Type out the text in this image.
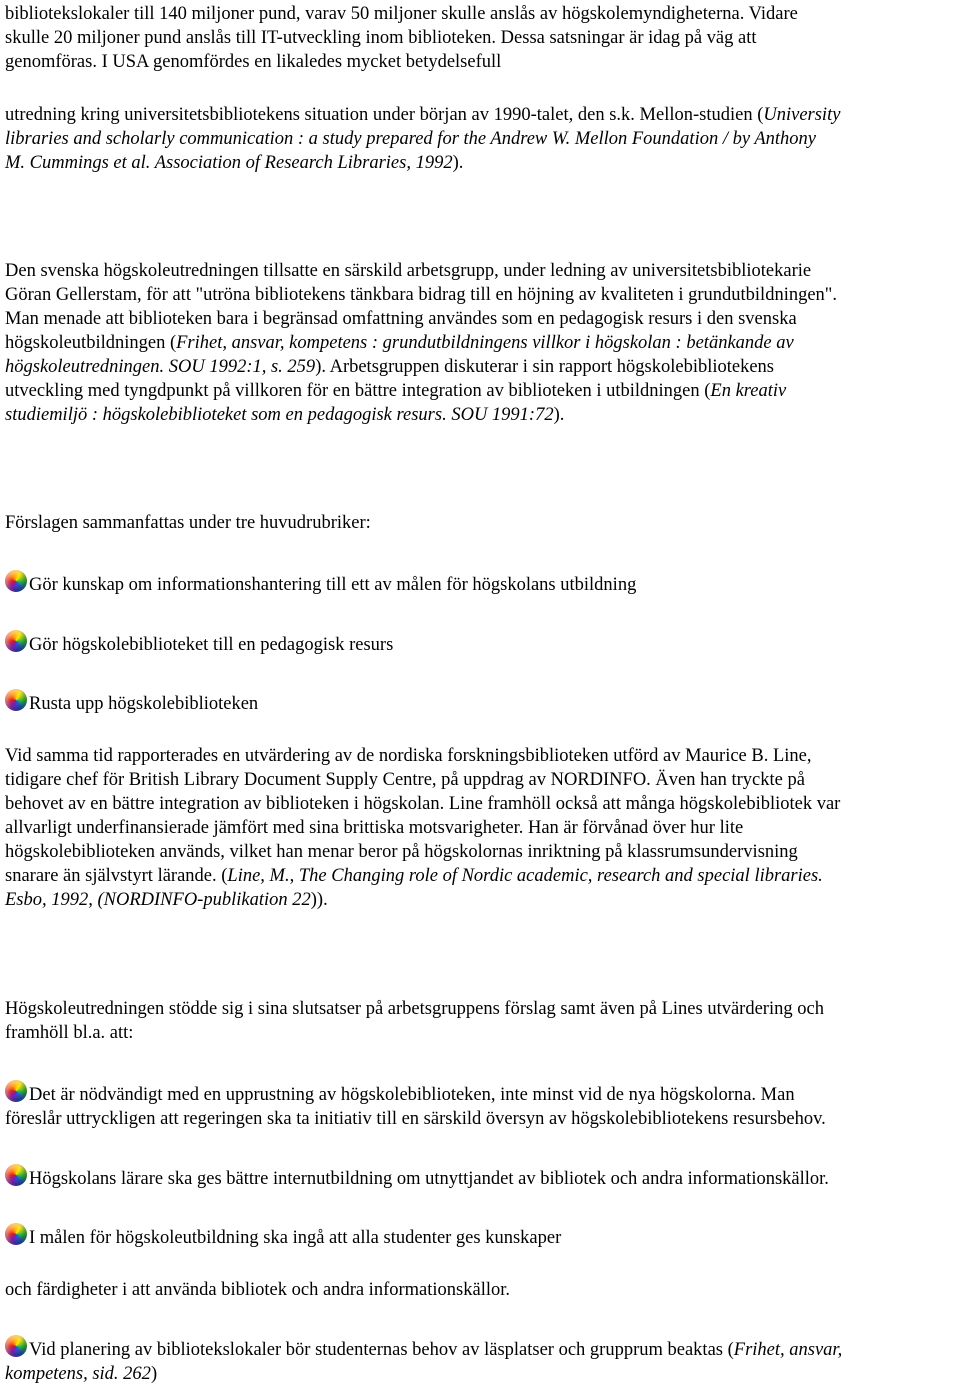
bibliotekslokaler till 140 miljoner pund, varav 50 miljoner skulle anslås av högskolemyndigheterna. Vidare
skulle 20 miljoner pund anslås till IT-utveckling inom biblioteken. Dessa satsningar är idag på väg att
genomföras. I USA genomfördes en likaledes mycket betydelsefull
utredning kring universitetsbibliotekens situation under början av 1990-talet, den s.k. Mellon-studien (University
libraries and scholarly communication : a study prepared for the Andrew W. Mellon Foundation / by Anthony
M. Cummings et al. Association of Research Libraries, 1992).
Den svenska högskoleutredningen tillsatte en särskild arbetsgrupp, under ledning av universitetsbibliotekarie
Göran Gellerstam, för att "utröna bibliotekens tänkbara bidrag till en höjning av kvaliteten i grundutbildningen".
Man menade att biblioteken bara i begränsad omfattning användes som en pedagogisk resurs i den svenska
högskoleutbildningen (Frihet, ansvar, kompetens : grundutbildningens villkor i högskolan : betänkande av
högskoleutredningen. SOU 1992:1, s. 259). Arbetsgruppen diskuterar i sin rapport högskolebibliotekens
utveckling med tyngdpunkt på villkoren för en bättre integration av biblioteken i utbildningen (En kreativ
studiemiljö : högskolebiblioteket som en pedagogisk resurs. SOU 1991:72).
Förslagen sammanfattas under tre huvudrubriker:
Gör kunskap om informationshantering till ett av målen för högskolans utbildning
Gör högskolebiblioteket till en pedagogisk resurs
Rusta upp högskolebiblioteken
Vid samma tid rapporterades en utvärdering av de nordiska forskningsbiblioteken utförd av Maurice B. Line,
tidigare chef för British Library Document Supply Centre, på uppdrag av NORDINFO. Även han tryckte på
behovet av en bättre integration av biblioteken i högskolan. Line framhöll också att många högskolebibliotek var
allvarligt underfinansierade jämfört med sina brittiska motsvarigheter. Han är förvånad över hur lite
högskolebiblioteken används, vilket han menar beror på högskolornas inriktning på klassrumsundervisning
snarare än självstyrt lärande. (Line, M., The Changing role of Nordic academic, research and special libraries.
Esbo, 1992, (NORDINFO-publikation 22)).
Högskoleutredningen stödde sig i sina slutsatser på arbetsgruppens förslag samt även på Lines utvärdering och
framhöll bl.a. att:
Det är nödvändigt med en upprustning av högskolebiblioteken, inte minst vid de nya högskolorna. Man
föreslår uttryckligen att regeringen ska ta initiativ till en särskild översyn av högskolebibliotekens resursbehov.
Högskolans lärare ska ges bättre internutbildning om utnyttjandet av bibliotek och andra informationskällor.
I målen för högskoleutbildning ska ingå att alla studenter ges kunskaper
och färdigheter i att använda bibliotek och andra informationskällor.
Vid planering av bibliotekslokaler bör studenternas behov av läsplatser och grupprum beaktas (Frihet, ansvar,
kompetens, sid. 262)
